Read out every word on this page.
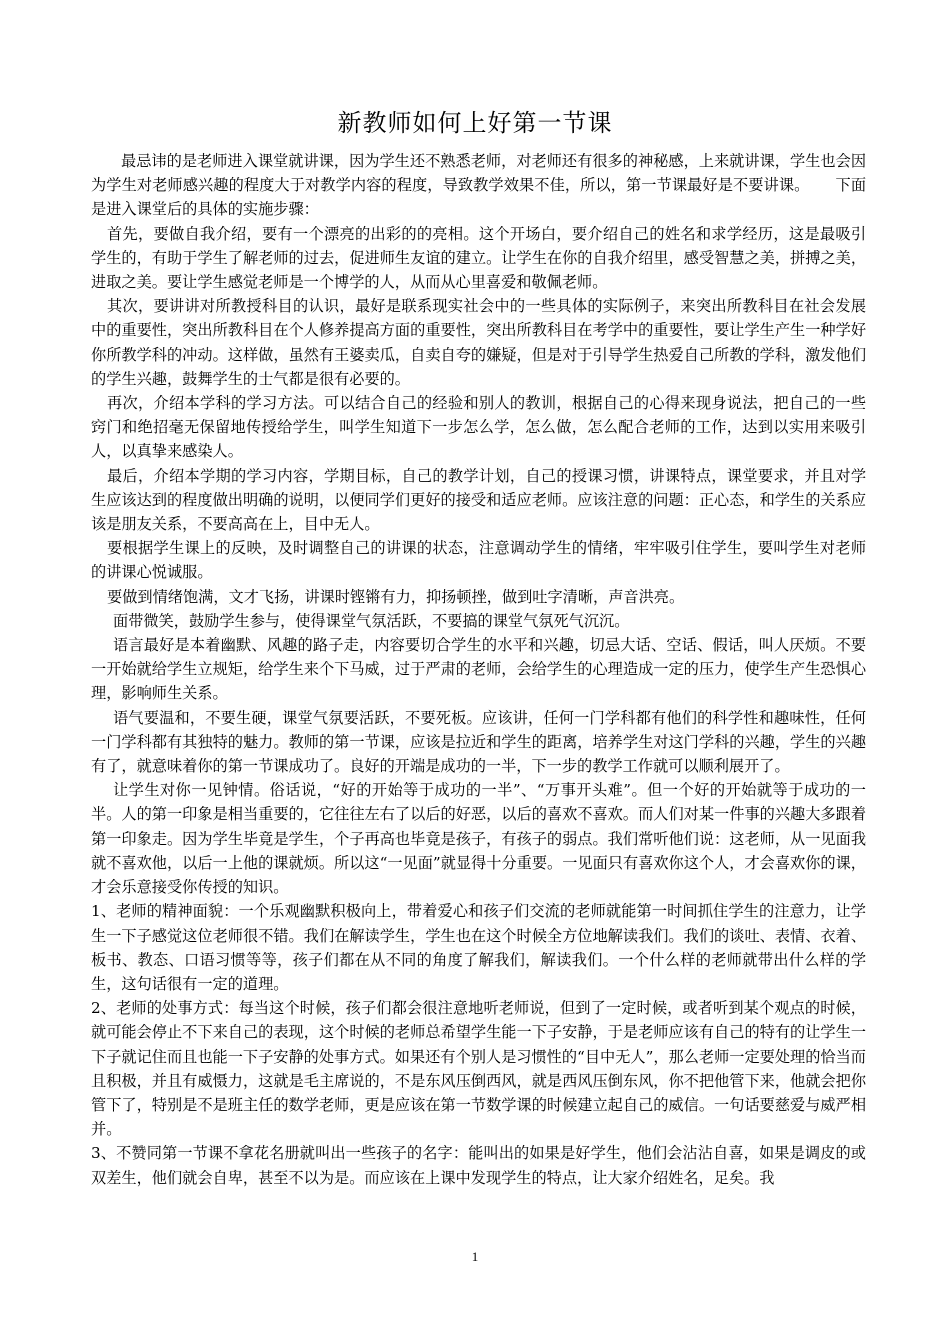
新教师如何上好第一节课

最忌讳的是老师进入课堂就讲课，因为学生还不熟悉老师，对老师还有很多的神秘感，上来就讲课，学生也会因为学生对老师感兴趣的程度大于对教学内容的程度，导致教学效果不佳，所以，第一节课最好是不要讲课。 下面是进入课堂后的具体的实施步骤：

首先，要做自我介绍，要有一个漂亮的出彩的的亮相。这个开场白，要介绍自己的姓名和求学经历，这是最吸引学生的，有助于学生了解老师的过去，促进师生友谊的建立。让学生在你的自我介绍里，感受智慧之美，拼搏之美，进取之美。要让学生感觉老师是一个博学的人，从而从心里喜爱和敬佩老师。

其次，要讲讲对所教授科目的认识，最好是联系现实社会中的一些具体的实际例子，来突出所教科目在社会发展中的重要性，突出所教科目在个人修养提高方面的重要性，突出所教科目在考学中的重要性，要让学生产生一种学好你所教学科的冲动。这样做，虽然有王婆卖瓜，自卖自夸的嫌疑，但是对于引导学生热爱自己所教的学科，激发他们的学生兴趣，鼓舞学生的士气都是很有必要的。

再次，介绍本学科的学习方法。可以结合自己的经验和别人的教训，根据自己的心得来现身说法，把自己的一些窍门和绝招毫无保留地传授给学生，叫学生知道下一步怎么学，怎么做，怎么配合老师的工作，达到以实用来吸引人，以真挚来感染人。

最后，介绍本学期的学习内容，学期目标，自己的教学计划，自己的授课习惯，讲课特点，课堂要求，并且对学生应该达到的程度做出明确的说明，以便同学们更好的接受和适应老师。应该注意的问题：正心态，和学生的关系应该是朋友关系，不要高高在上，目中无人。

要根据学生课上的反映，及时调整自己的讲课的状态，注意调动学生的情绪，牢牢吸引住学生，要叫学生对老师的讲课心悦诚服。

要做到情绪饱满，文才飞扬，讲课时铿锵有力，抑扬顿挫，做到吐字清晰，声音洪亮。

面带微笑，鼓励学生参与，使得课堂气氛活跃，不要搞的课堂气氛死气沉沉。

语言最好是本着幽默、风趣的路子走，内容要切合学生的水平和兴趣，切忌大话、空话、假话，叫人厌烦。不要一开始就给学生立规矩，给学生来个下马威，过于严肃的老师，会给学生的心理造成一定的压力，使学生产生恐惧心理，影响师生关系。

语气要温和，不要生硬，课堂气氛要活跃，不要死板。应该讲，任何一门学科都有他们的科学性和趣味性，任何一门学科都有其独特的魅力。教师的第一节课，应该是拉近和学生的距离，培养学生对这门学科的兴趣，学生的兴趣有了，就意味着你的第一节课成功了。良好的开端是成功的一半，下一步的教学工作就可以顺利展开了。

让学生对你一见钟情。俗话说，“好的开始等于成功的一半”、“万事开头难”。但一个好的开始就等于成功的一半。人的第一印象是相当重要的，它往往左右了以后的好恶，以后的喜欢不喜欢。而人们对某一件事的兴趣大多跟着第一印象走。因为学生毕竟是学生，个子再高也毕竟是孩子，有孩子的弱点。我们常听他们说：这老师，从一见面我就不喜欢他，以后一上他的课就烦。所以这“一见面”就显得十分重要。一见面只有喜欢你这个人，才会喜欢你的课，才会乐意接受你传授的知识。

1、老师的精神面貌：一个乐观幽默积极向上，带着爱心和孩子们交流的老师就能第一时间抓住学生的注意力，让学生一下子感觉这位老师很不错。我们在解读学生，学生也在这个时候全方位地解读我们。我们的谈吐、表情、衣着、板书、教态、口语习惯等等，孩子们都在从不同的角度了解我们，解读我们。一个什么样的老师就带出什么样的学生，这句话很有一定的道理。

2、老师的处事方式：每当这个时候，孩子们都会很注意地听老师说，但到了一定时候，或者听到某个观点的时候，就可能会停止不下来自己的表现，这个时候的老师总希望学生能一下子安静，于是老师应该有自己的特有的让学生一下子就记住而且也能一下子安静的处事方式。如果还有个别人是习惯性的“目中无人”，那么老师一定要处理的恰当而且积极，并且有威慑力，这就是毛主席说的，不是东风压倒西风，就是西风压倒东风，你不把他管下来，他就会把你管下了，特别是不是班主任的数学老师，更是应该在第一节数学课的时候建立起自己的威信。一句话要慈爱与威严相并。

3、不赞同第一节课不拿花名册就叫出一些孩子的名字：能叫出的如果是好学生，他们会沾沾自喜，如果是调皮的或双差生，他们就会自卑，甚至不以为是。而应该在上课中发现学生的特点，让大家介绍姓名，足矣。我

1
